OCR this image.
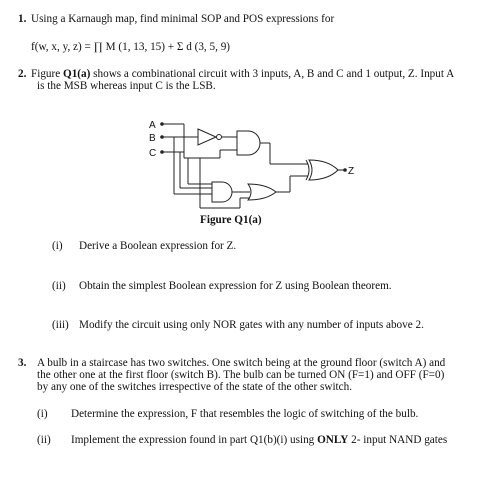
1. Using a Karnaugh map, find minimal SOP and POS expressions for
f(w, x, y, z) = ∏ M (1, 13, 15) + Σ d (3, 5, 9)
2. Figure Q1(a) shows a combinational circuit with 3 inputs, A, B and C and 1 output, Z. Input A
is the MSB whereas input C is the LSB.
A
B
C
Z
Figure Q1(a)
(i) Derive a Boolean expression for Z.
(ii) Obtain the simplest Boolean expression for Z using Boolean theorem.
(iii) Modify the circuit using only NOR gates with any number of inputs above 2.
3. A bulb in a staircase has two switches. One switch being at the ground floor (switch A) and
the other one at the first floor (switch B). The bulb can be turned ON (F=1) and OFF (F=0)
by any one of the switches irrespective of the state of the other switch.
(i) Determine the expression, F that resembles the logic of switching of the bulb.
(ii) Implement the expression found in part Q1(b)(i) using ONLY 2- input NAND gates
